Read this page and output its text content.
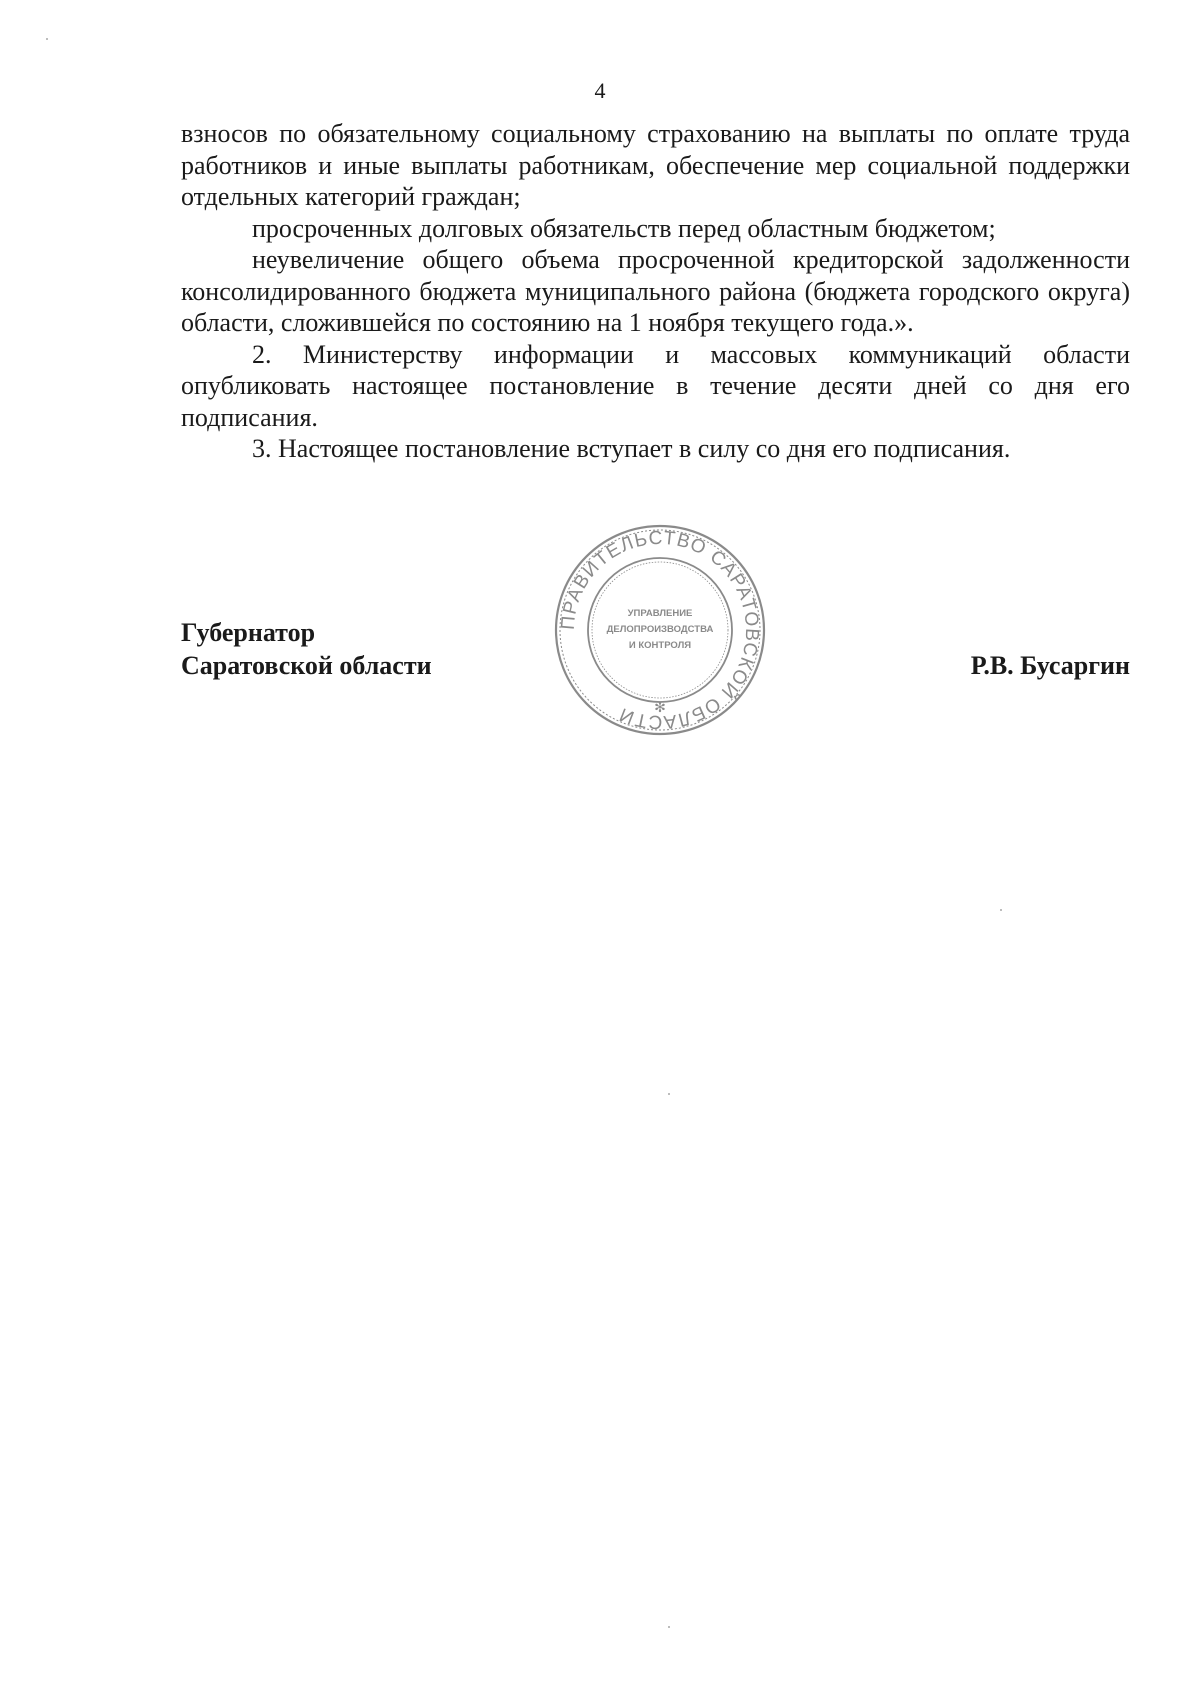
4

взносов по обязательному социальному страхованию на выплаты по оплате труда работников и иные выплаты работникам, обеспечение мер социальной поддержки отдельных категорий граждан;

просроченных долговых обязательств перед областным бюджетом;

неувеличение общего объема просроченной кредиторской задолженности консолидированного бюджета муниципального района (бюджета городского округа) области, сложившейся по состоянию на 1 ноября текущего года.».

2. Министерству информации и массовых коммуникаций области опубликовать настоящее постановление в течение десяти дней со дня его подписания.

3. Настоящее постановление вступает в силу со дня его подписания.

Губернатор
Саратовской области	Р.В. Бусаргин
ПРАВИТЕЛЬСТВО САРАТОВСКОЙ ОБЛАСТИ	✻
УПРАВЛЕНИЕ
ДЕЛОПРОИЗВОДСТВА
И КОНТРОЛЯ
